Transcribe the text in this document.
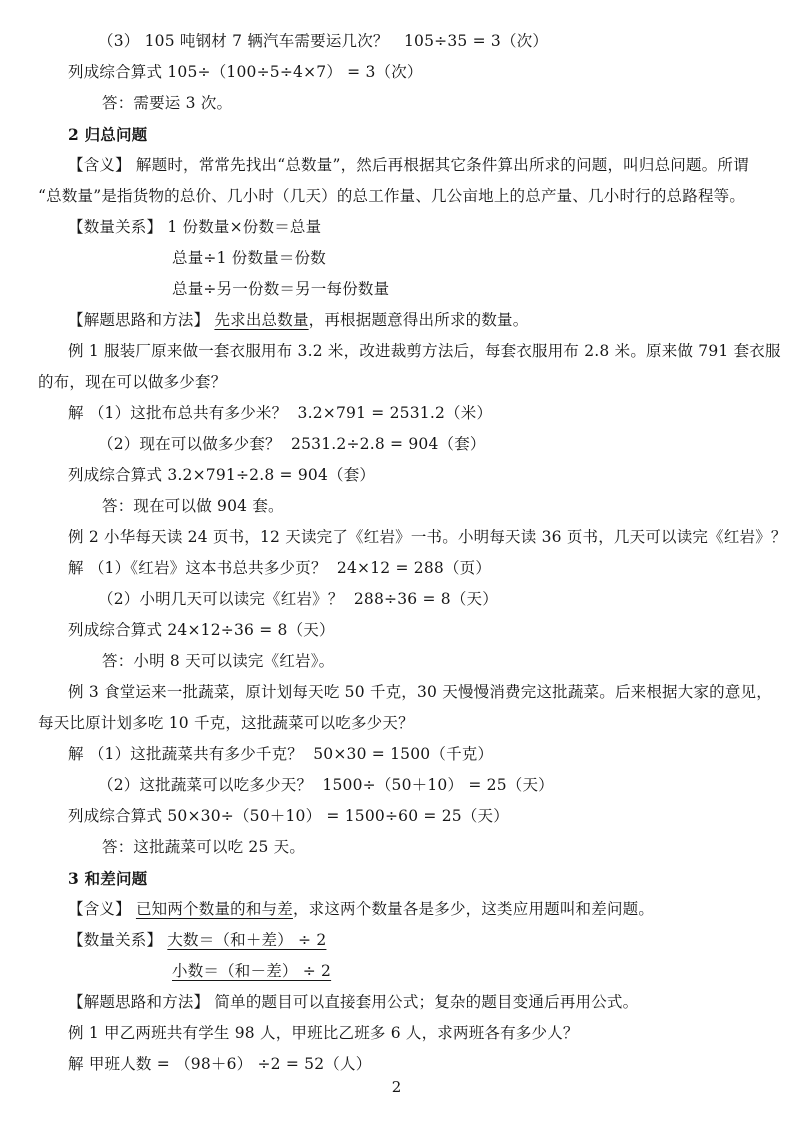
（3） 105 吨钢材 7 辆汽车需要运几次？   105÷35 = 3（次）
列成综合算式 105÷（100÷5÷4×7） = 3（次）
答：需要运 3 次。
2 归总问题
【含义】 解题时，常常先找出“总数量”，然后再根据其它条件算出所求的问题，叫归总问题。所谓
“总数量”是指货物的总价、几小时（几天）的总工作量、几公亩地上的总产量、几小时行的总路程等。
【数量关系】 1 份数量×份数＝总量
总量÷1 份数量＝份数
总量÷另一份数＝另一每份数量
【解题思路和方法】 先求出总数量，再根据题意得出所求的数量。
例 1 服装厂原来做一套衣服用布 3.2 米，改进裁剪方法后，每套衣服用布 2.8 米。原来做 791 套衣服
的布，现在可以做多少套？
解 （1）这批布总共有多少米？  3.2×791 = 2531.2（米）
（2）现在可以做多少套？  2531.2÷2.8 = 904（套）
列成综合算式 3.2×791÷2.8 = 904（套）
答：现在可以做 904 套。
例 2 小华每天读 24 页书，12 天读完了《红岩》一书。小明每天读 36 页书，几天可以读完《红岩》？
解 （1）《红岩》这本书总共多少页？  24×12 = 288（页）
（2）小明几天可以读完《红岩》？  288÷36 = 8（天）
列成综合算式 24×12÷36 = 8（天）
答：小明 8 天可以读完《红岩》。
例 3 食堂运来一批蔬菜，原计划每天吃 50 千克，30 天慢慢消费完这批蔬菜。后来根据大家的意见，
每天比原计划多吃 10 千克，这批蔬菜可以吃多少天？
解 （1）这批蔬菜共有多少千克？  50×30 = 1500（千克）
（2）这批蔬菜可以吃多少天？  1500÷（50＋10） = 25（天）
列成综合算式 50×30÷（50＋10） = 1500÷60 = 25（天）
答：这批蔬菜可以吃 25 天。
3 和差问题
【含义】 已知两个数量的和与差，求这两个数量各是多少，这类应用题叫和差问题。
【数量关系】 大数＝（和＋差） ÷ 2
小数＝（和－差） ÷ 2
【解题思路和方法】 简单的题目可以直接套用公式；复杂的题目变通后再用公式。
例 1 甲乙两班共有学生 98 人，甲班比乙班多 6 人，求两班各有多少人？
解 甲班人数 = （98＋6） ÷2 = 52（人）
2
